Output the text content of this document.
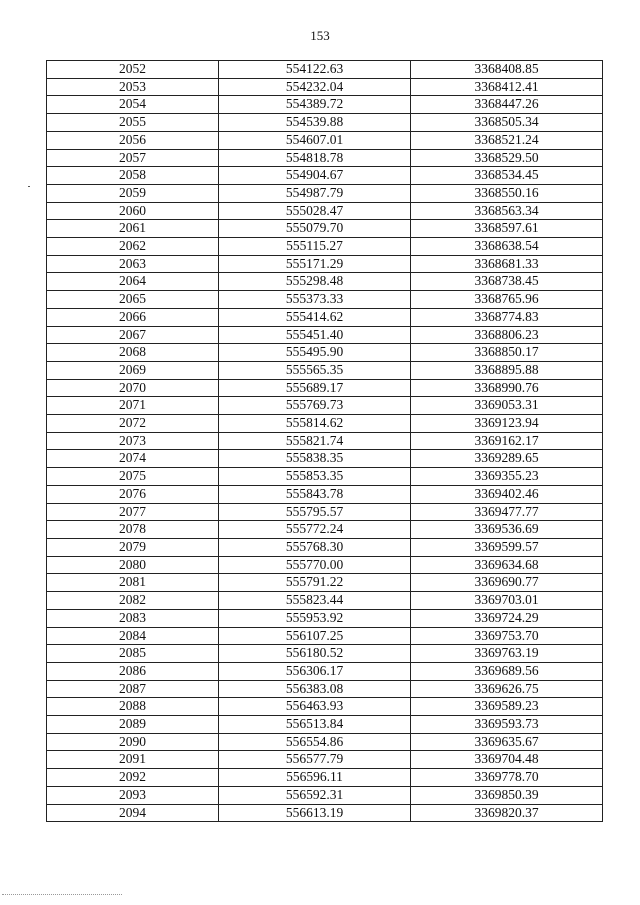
153
2052	554122.63	3368408.85
2053	554232.04	3368412.41
2054	554389.72	3368447.26
2055	554539.88	3368505.34
2056	554607.01	3368521.24
2057	554818.78	3368529.50
2058	554904.67	3368534.45
2059	554987.79	3368550.16
2060	555028.47	3368563.34
2061	555079.70	3368597.61
2062	555115.27	3368638.54
2063	555171.29	3368681.33
2064	555298.48	3368738.45
2065	555373.33	3368765.96
2066	555414.62	3368774.83
2067	555451.40	3368806.23
2068	555495.90	3368850.17
2069	555565.35	3368895.88
2070	555689.17	3368990.76
2071	555769.73	3369053.31
2072	555814.62	3369123.94
2073	555821.74	3369162.17
2074	555838.35	3369289.65
2075	555853.35	3369355.23
2076	555843.78	3369402.46
2077	555795.57	3369477.77
2078	555772.24	3369536.69
2079	555768.30	3369599.57
2080	555770.00	3369634.68
2081	555791.22	3369690.77
2082	555823.44	3369703.01
2083	555953.92	3369724.29
2084	556107.25	3369753.70
2085	556180.52	3369763.19
2086	556306.17	3369689.56
2087	556383.08	3369626.75
2088	556463.93	3369589.23
2089	556513.84	3369593.73
2090	556554.86	3369635.67
2091	556577.79	3369704.48
2092	556596.11	3369778.70
2093	556592.31	3369850.39
2094	556613.19	3369820.37
